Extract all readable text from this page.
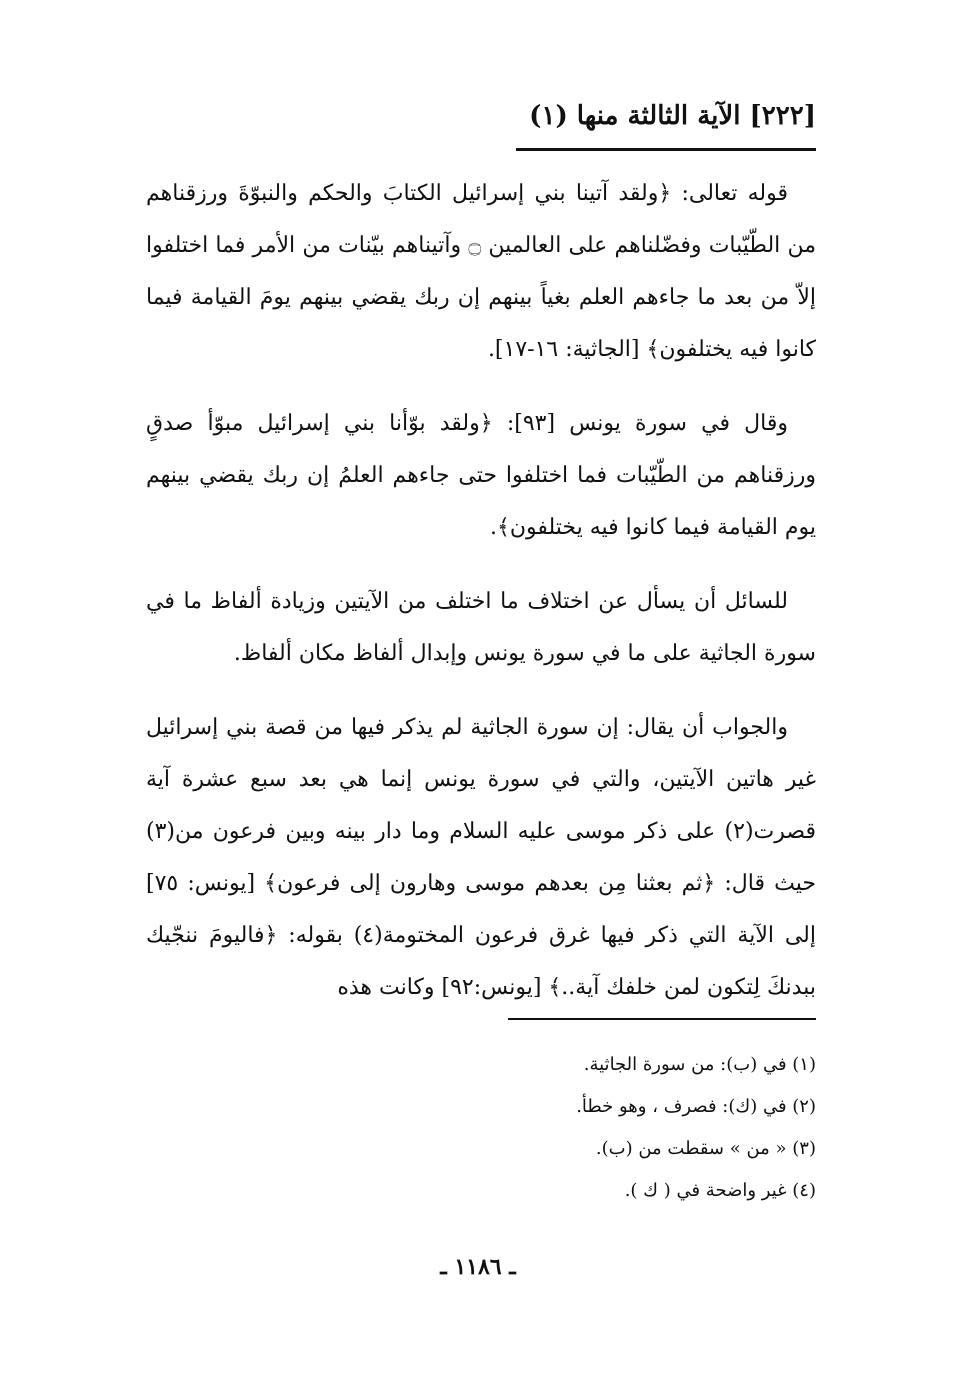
[٢٢٢] الآية الثالثة منها (١)

قوله تعالى: ﴿ولقد آتينا بني إسرائيل الكتابَ والحكم والنبوّةَ ورزقناهم من الطّيّبات وفضّلناهم على العالمين ۝ وآتيناهم بيّنات من الأمر فما اختلفوا إلاّ من بعد ما جاءهم العلم بغياً بينهم إن ربك يقضي بينهم يومَ القيامة فيما كانوا فيه يختلفون﴾ [الجاثية: ١٦-١٧].

وقال في سورة يونس [٩٣]: ﴿ولقد بوّأنا بني إسرائيل مبوّأ صدقٍ ورزقناهم من الطّيّبات فما اختلفوا حتى جاءهم العلمُ إن ربك يقضي بينهم يوم القيامة فيما كانوا فيه يختلفون﴾.

للسائل أن يسأل عن اختلاف ما اختلف من الآيتين وزيادة ألفاظ ما في سورة الجاثية على ما في سورة يونس وإبدال ألفاظ مكان ألفاظ.

والجواب أن يقال: إن سورة الجاثية لم يذكر فيها من قصة بني إسرائيل غير هاتين الآيتين، والتي في سورة يونس إنما هي بعد سبع عشرة آية قصرت(٢) على ذكر موسى عليه السلام وما دار بينه وبين فرعون من(٣) حيث قال: ﴿ثم بعثنا مِن بعدهم موسى وهارون إلى فرعون﴾ [يونس: ٧٥] إلى الآية التي ذكر فيها غرق فرعون المختومة(٤) بقوله: ﴿فاليومَ ننجّيك ببدنكَ لِتكون لمن خلفك آية..﴾ [يونس:٩٢] وكانت هذه

(١) في (ب): من سورة الجاثية.
(٢) في (ك): فصرف ، وهو خطأ.
(٣) « من » سقطت من (ب).
(٤) غير واضحة في ( ك ).
ـ ١١٨٦ ـ
